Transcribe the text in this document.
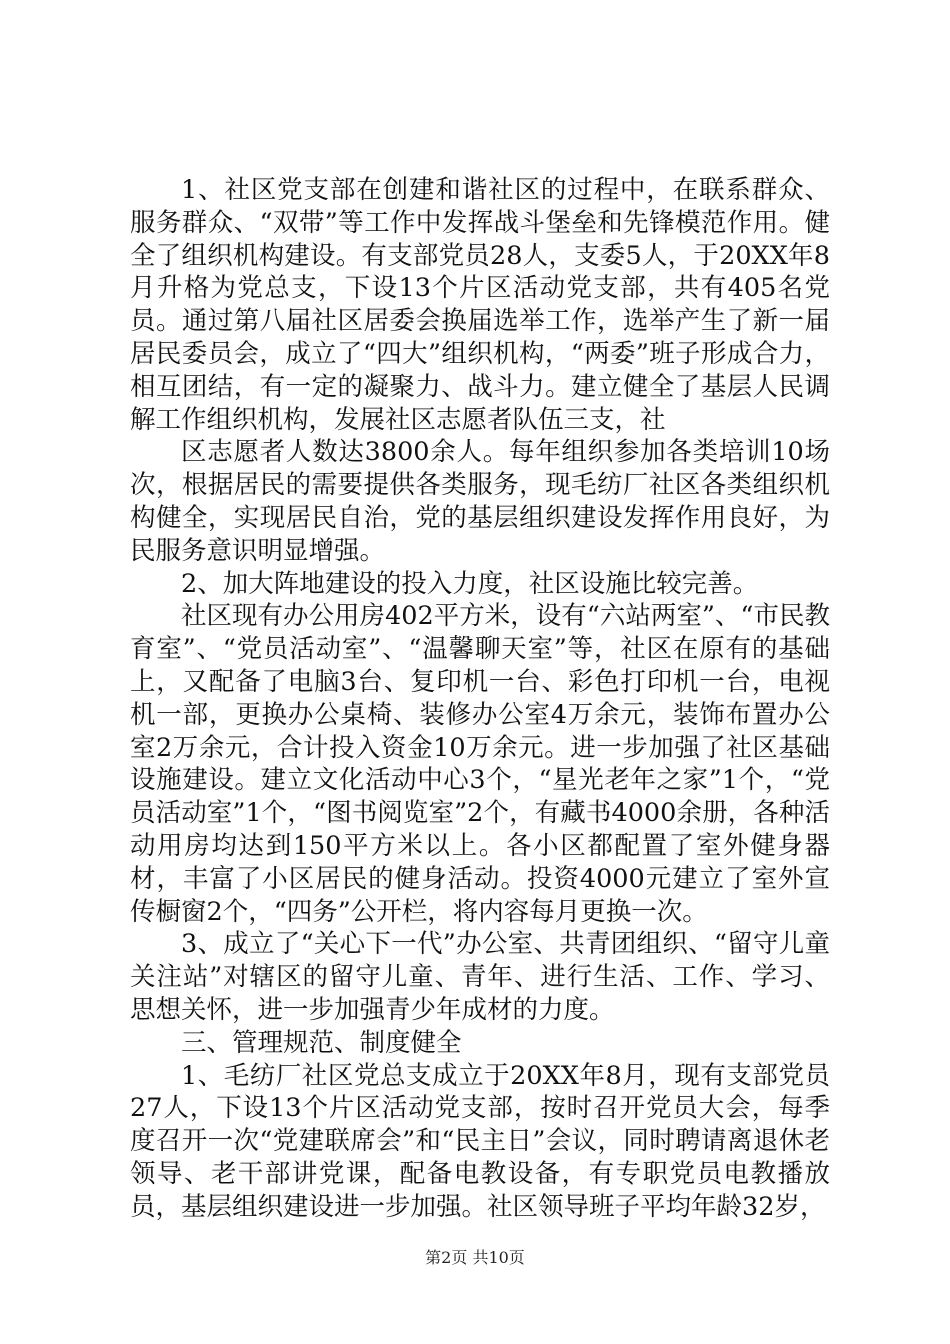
1、社区党支部在创建和谐社区的过程中，在联系群众、服务群众、“双带”等工作中发挥战斗堡垒和先锋模范作用。健全了组织机构建设。有支部党员28人，支委5人，于20XX年8月升格为党总支，下设13个片区活动党支部，共有405名党员。通过第八届社区居委会换届选举工作，选举产生了新一届居民委员会，成立了“四大”组织机构，“两委”班子形成合力，相互团结，有一定的凝聚力、战斗力。建立健全了基层人民调解工作组织机构，发展社区志愿者队伍三支，社

区志愿者人数达3800余人。每年组织参加各类培训10场次，根据居民的需要提供各类服务，现毛纺厂社区各类组织机构健全，实现居民自治，党的基层组织建设发挥作用良好，为民服务意识明显增强。

2、加大阵地建设的投入力度，社区设施比较完善。

社区现有办公用房402平方米，设有“六站两室”、“市民教育室”、“党员活动室”、“温馨聊天室”等，社区在原有的基础上，又配备了电脑3台、复印机一台、彩色打印机一台，电视机一部，更换办公桌椅、装修办公室4万余元，装饰布置办公室2万余元，合计投入资金10万余元。进一步加强了社区基础设施建设。建立文化活动中心3个，“星光老年之家”1个，“党员活动室”1个，“图书阅览室”2个，有藏书4000余册，各种活动用房均达到150平方米以上。各小区都配置了室外健身器材，丰富了小区居民的健身活动。投资4000元建立了室外宣传橱窗2个，“四务”公开栏，将内容每月更换一次。

3、成立了“关心下一代”办公室、共青团组织、“留守儿童关注站”对辖区的留守儿童、青年、进行生活、工作、学习、思想关怀，进一步加强青少年成材的力度。

三、管理规范、制度健全

1、毛纺厂社区党总支成立于20XX年8月，现有支部党员27人，下设13个片区活动党支部，按时召开党员大会，每季度召开一次“党建联席会”和“民主日”会议，同时聘请离退休老领导、老干部讲党课，配备电教设备，有专职党员电教播放员，基层组织建设进一步加强。社区领导班子平均年龄32岁，

第2页 共10页
